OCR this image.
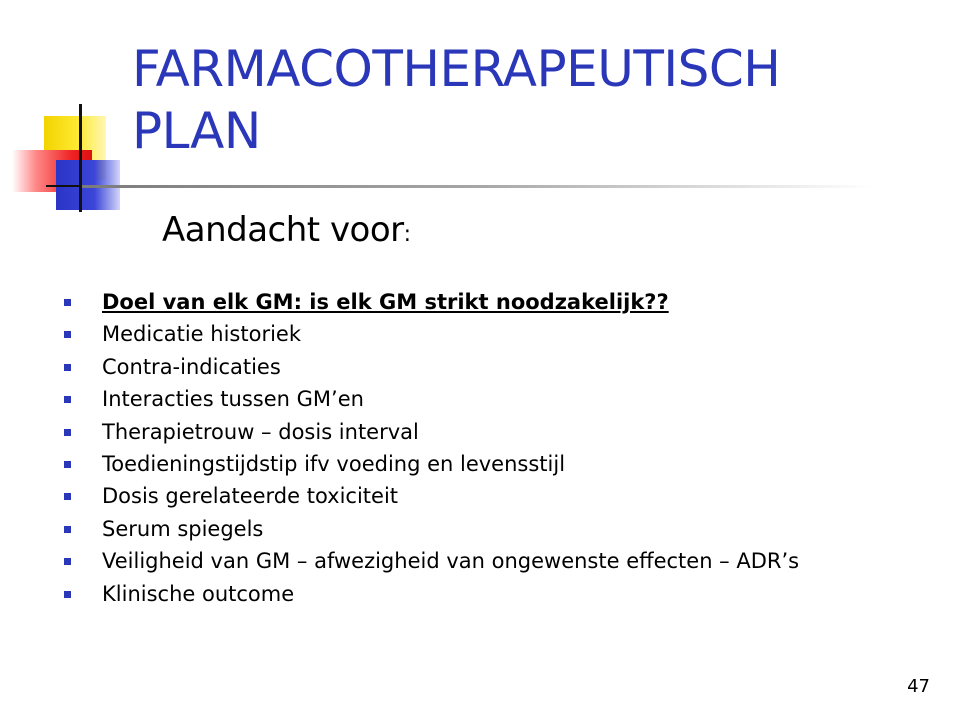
FARMACOTHERAPEUTISCH PLAN
Aandacht voor:
Doel van elk GM: is elk GM strikt noodzakelijk??
Medicatie historiek
Contra-indicaties
Interacties tussen GM’en
Therapietrouw – dosis interval
Toedieningstijdstip ifv voeding en levensstijl
Dosis gerelateerde toxiciteit
Serum spiegels
Veiligheid van GM – afwezigheid van ongewenste effecten – ADR’s
Klinische outcome
47
